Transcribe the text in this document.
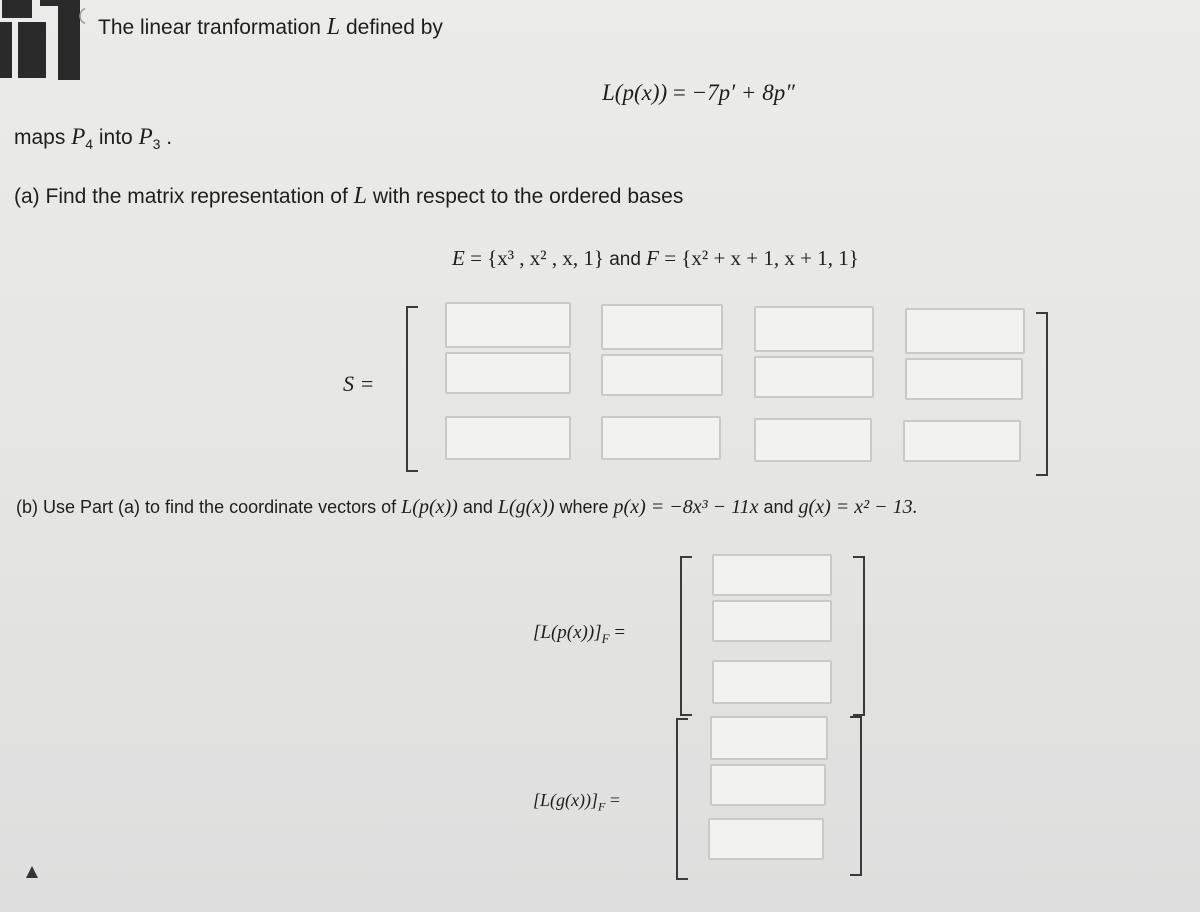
The linear tranformation L defined by
L(p(x)) = −7p′ + 8p″
maps $P_4$ into $P_3$ .
(a) Find the matrix representation of L with respect to the ordered bases
E = {x³ , x² , x, 1} and F = {x² + x + 1, x + 1, 1}
S =
(b) Use Part (a) to find the coordinate vectors of L(p(x)) and L(g(x)) where p(x) = −8x³ − 11x and g(x) = x² − 13.
$[L(p(x))]_F$ =
$[L(g(x))]_F$ =
